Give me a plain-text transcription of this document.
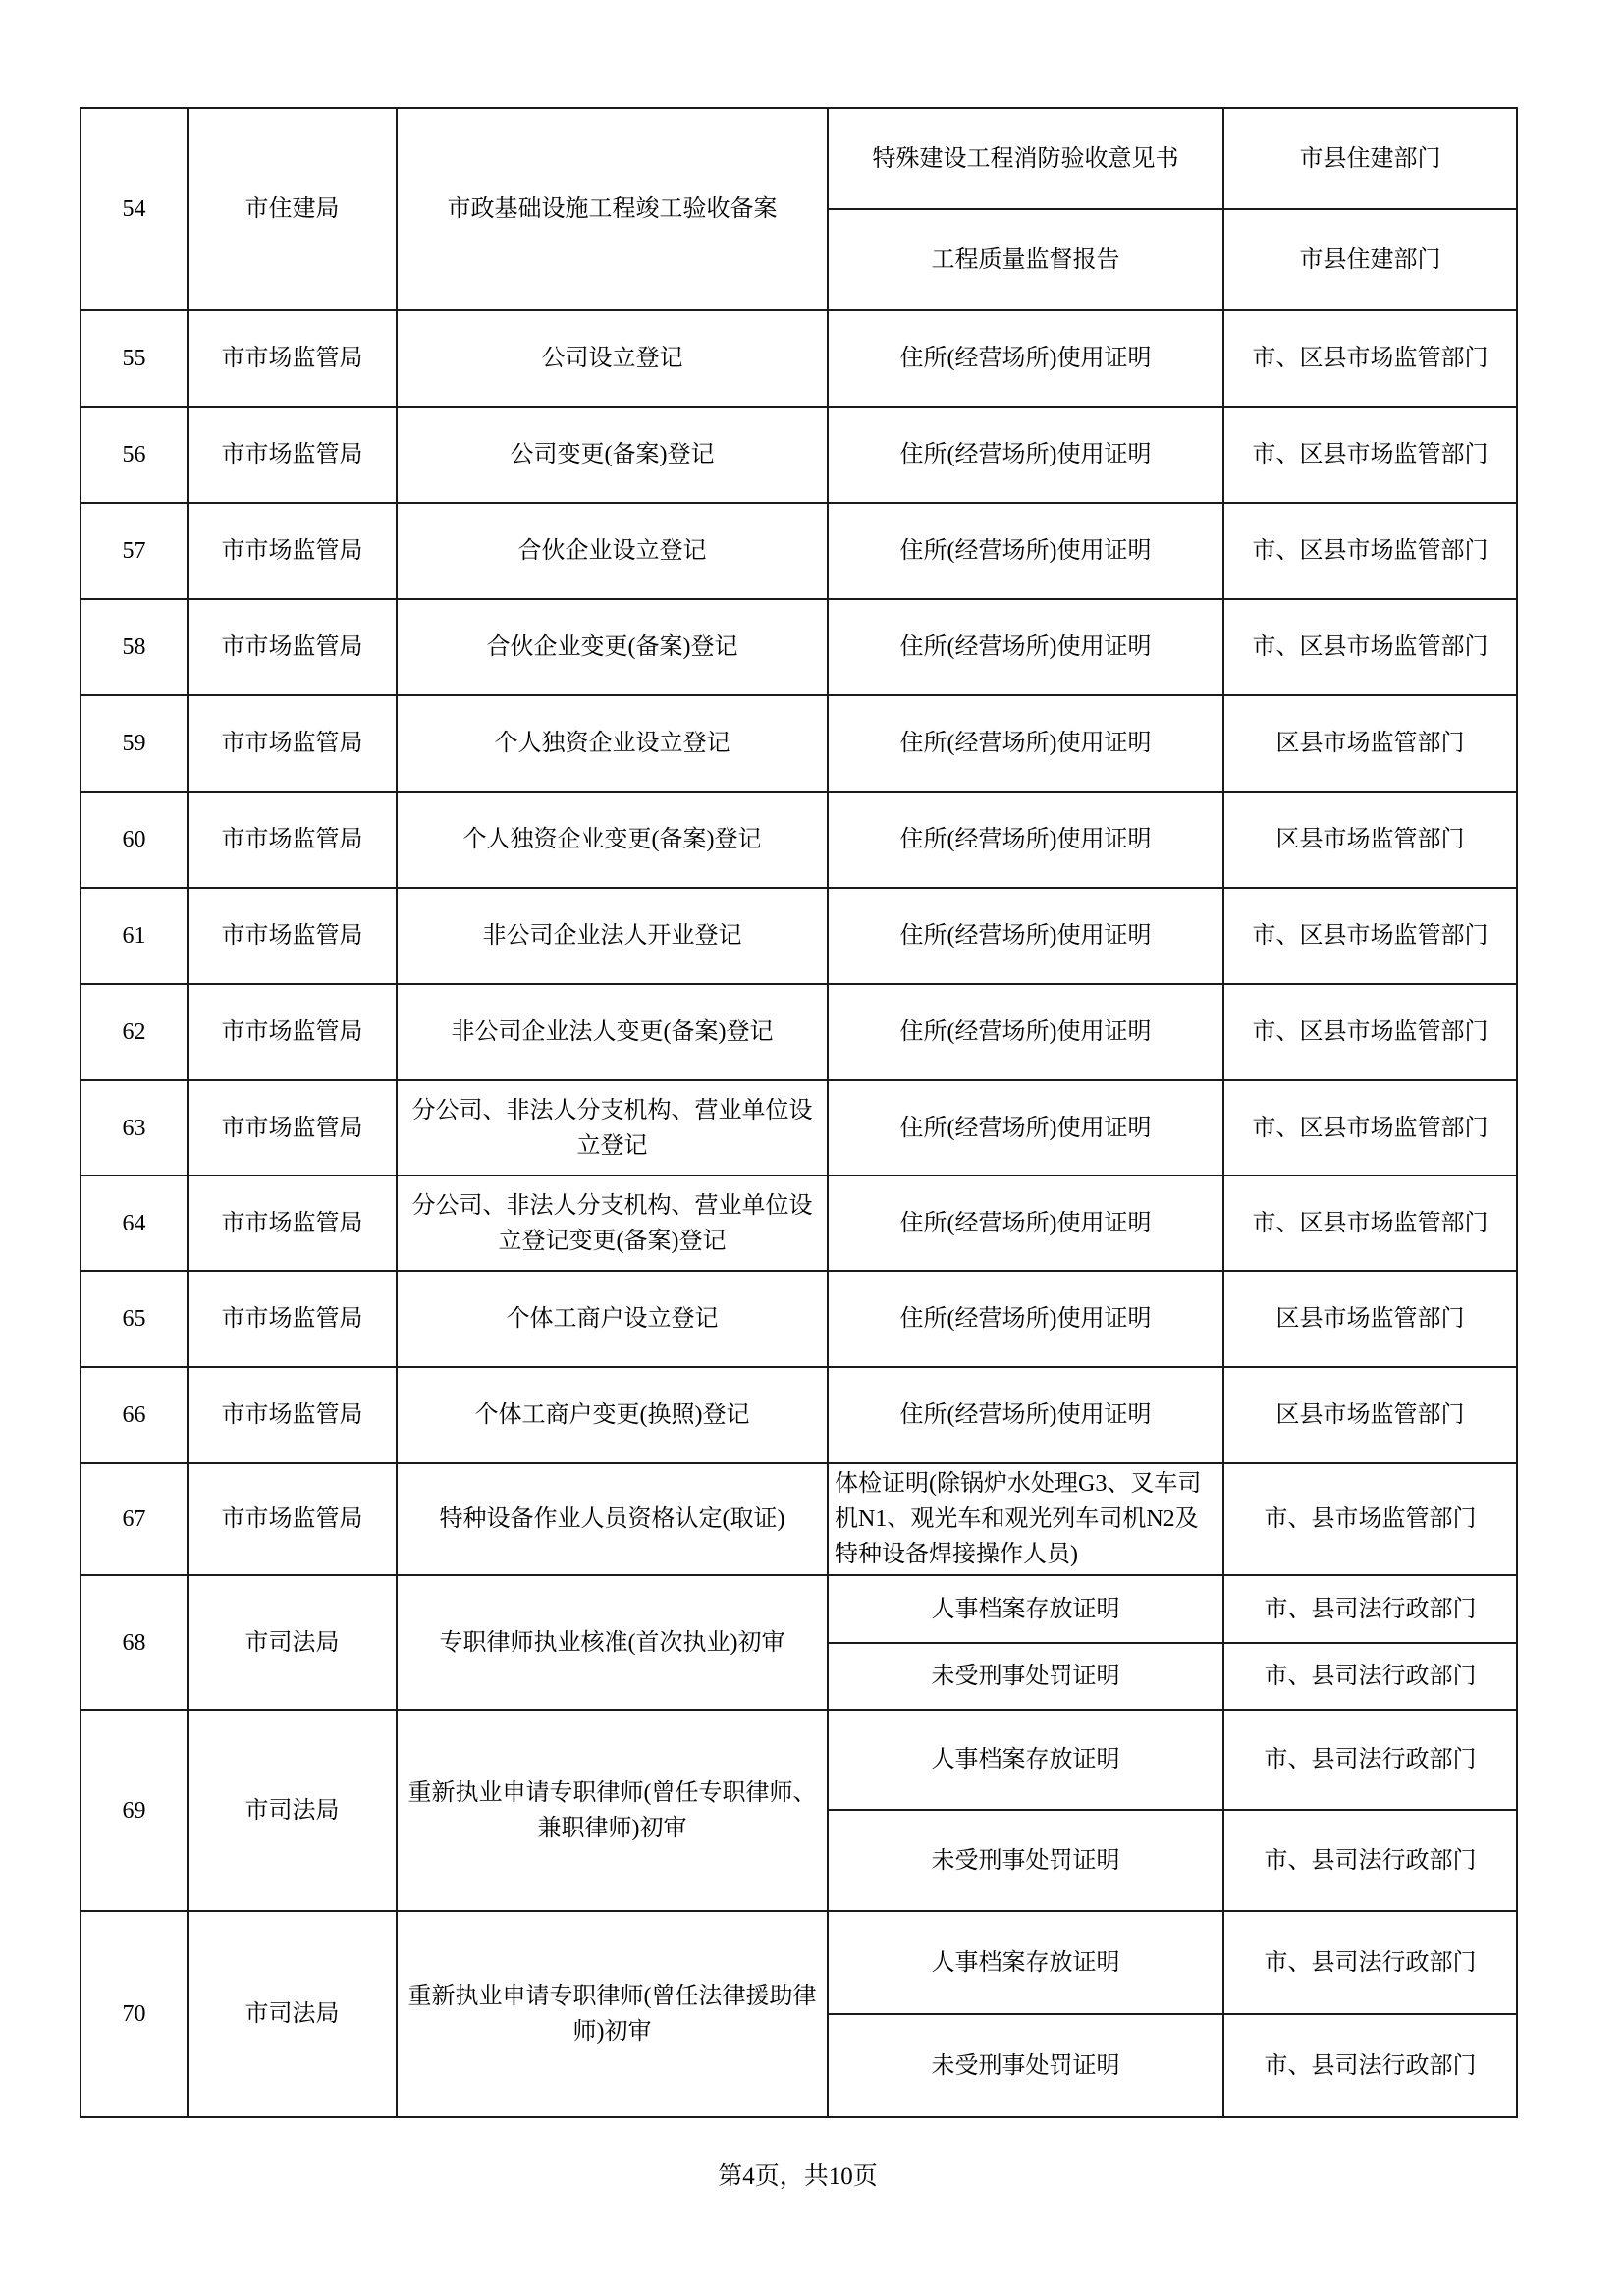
54	市住建局	市政基础设施工程竣工验收备案	特殊建设工程消防验收意见书	市县住建部门
			工程质量监督报告	市县住建部门
55	市市场监管局	公司设立登记	住所(经营场所)使用证明	市、区县市场监管部门
56	市市场监管局	公司变更(备案)登记	住所(经营场所)使用证明	市、区县市场监管部门
57	市市场监管局	合伙企业设立登记	住所(经营场所)使用证明	市、区县市场监管部门
58	市市场监管局	合伙企业变更(备案)登记	住所(经营场所)使用证明	市、区县市场监管部门
59	市市场监管局	个人独资企业设立登记	住所(经营场所)使用证明	区县市场监管部门
60	市市场监管局	个人独资企业变更(备案)登记	住所(经营场所)使用证明	区县市场监管部门
61	市市场监管局	非公司企业法人开业登记	住所(经营场所)使用证明	市、区县市场监管部门
62	市市场监管局	非公司企业法人变更(备案)登记	住所(经营场所)使用证明	市、区县市场监管部门
63	市市场监管局	分公司、非法人分支机构、营业单位设立登记	住所(经营场所)使用证明	市、区县市场监管部门
64	市市场监管局	分公司、非法人分支机构、营业单位设立登记变更(备案)登记	住所(经营场所)使用证明	市、区县市场监管部门
65	市市场监管局	个体工商户设立登记	住所(经营场所)使用证明	区县市场监管部门
66	市市场监管局	个体工商户变更(换照)登记	住所(经营场所)使用证明	区县市场监管部门
67	市市场监管局	特种设备作业人员资格认定(取证)	体检证明(除锅炉水处理G3、叉车司机N1、观光车和观光列车司机N2及特种设备焊接操作人员)	市、县市场监管部门
68	市司法局	专职律师执业核准(首次执业)初审	人事档案存放证明	市、县司法行政部门
			未受刑事处罚证明	市、县司法行政部门
69	市司法局	重新执业申请专职律师(曾任专职律师、兼职律师)初审	人事档案存放证明	市、县司法行政部门
			未受刑事处罚证明	市、县司法行政部门
70	市司法局	重新执业申请专职律师(曾任法律援助律师)初审	人事档案存放证明	市、县司法行政部门
			未受刑事处罚证明	市、县司法行政部门
第4页，共10页
